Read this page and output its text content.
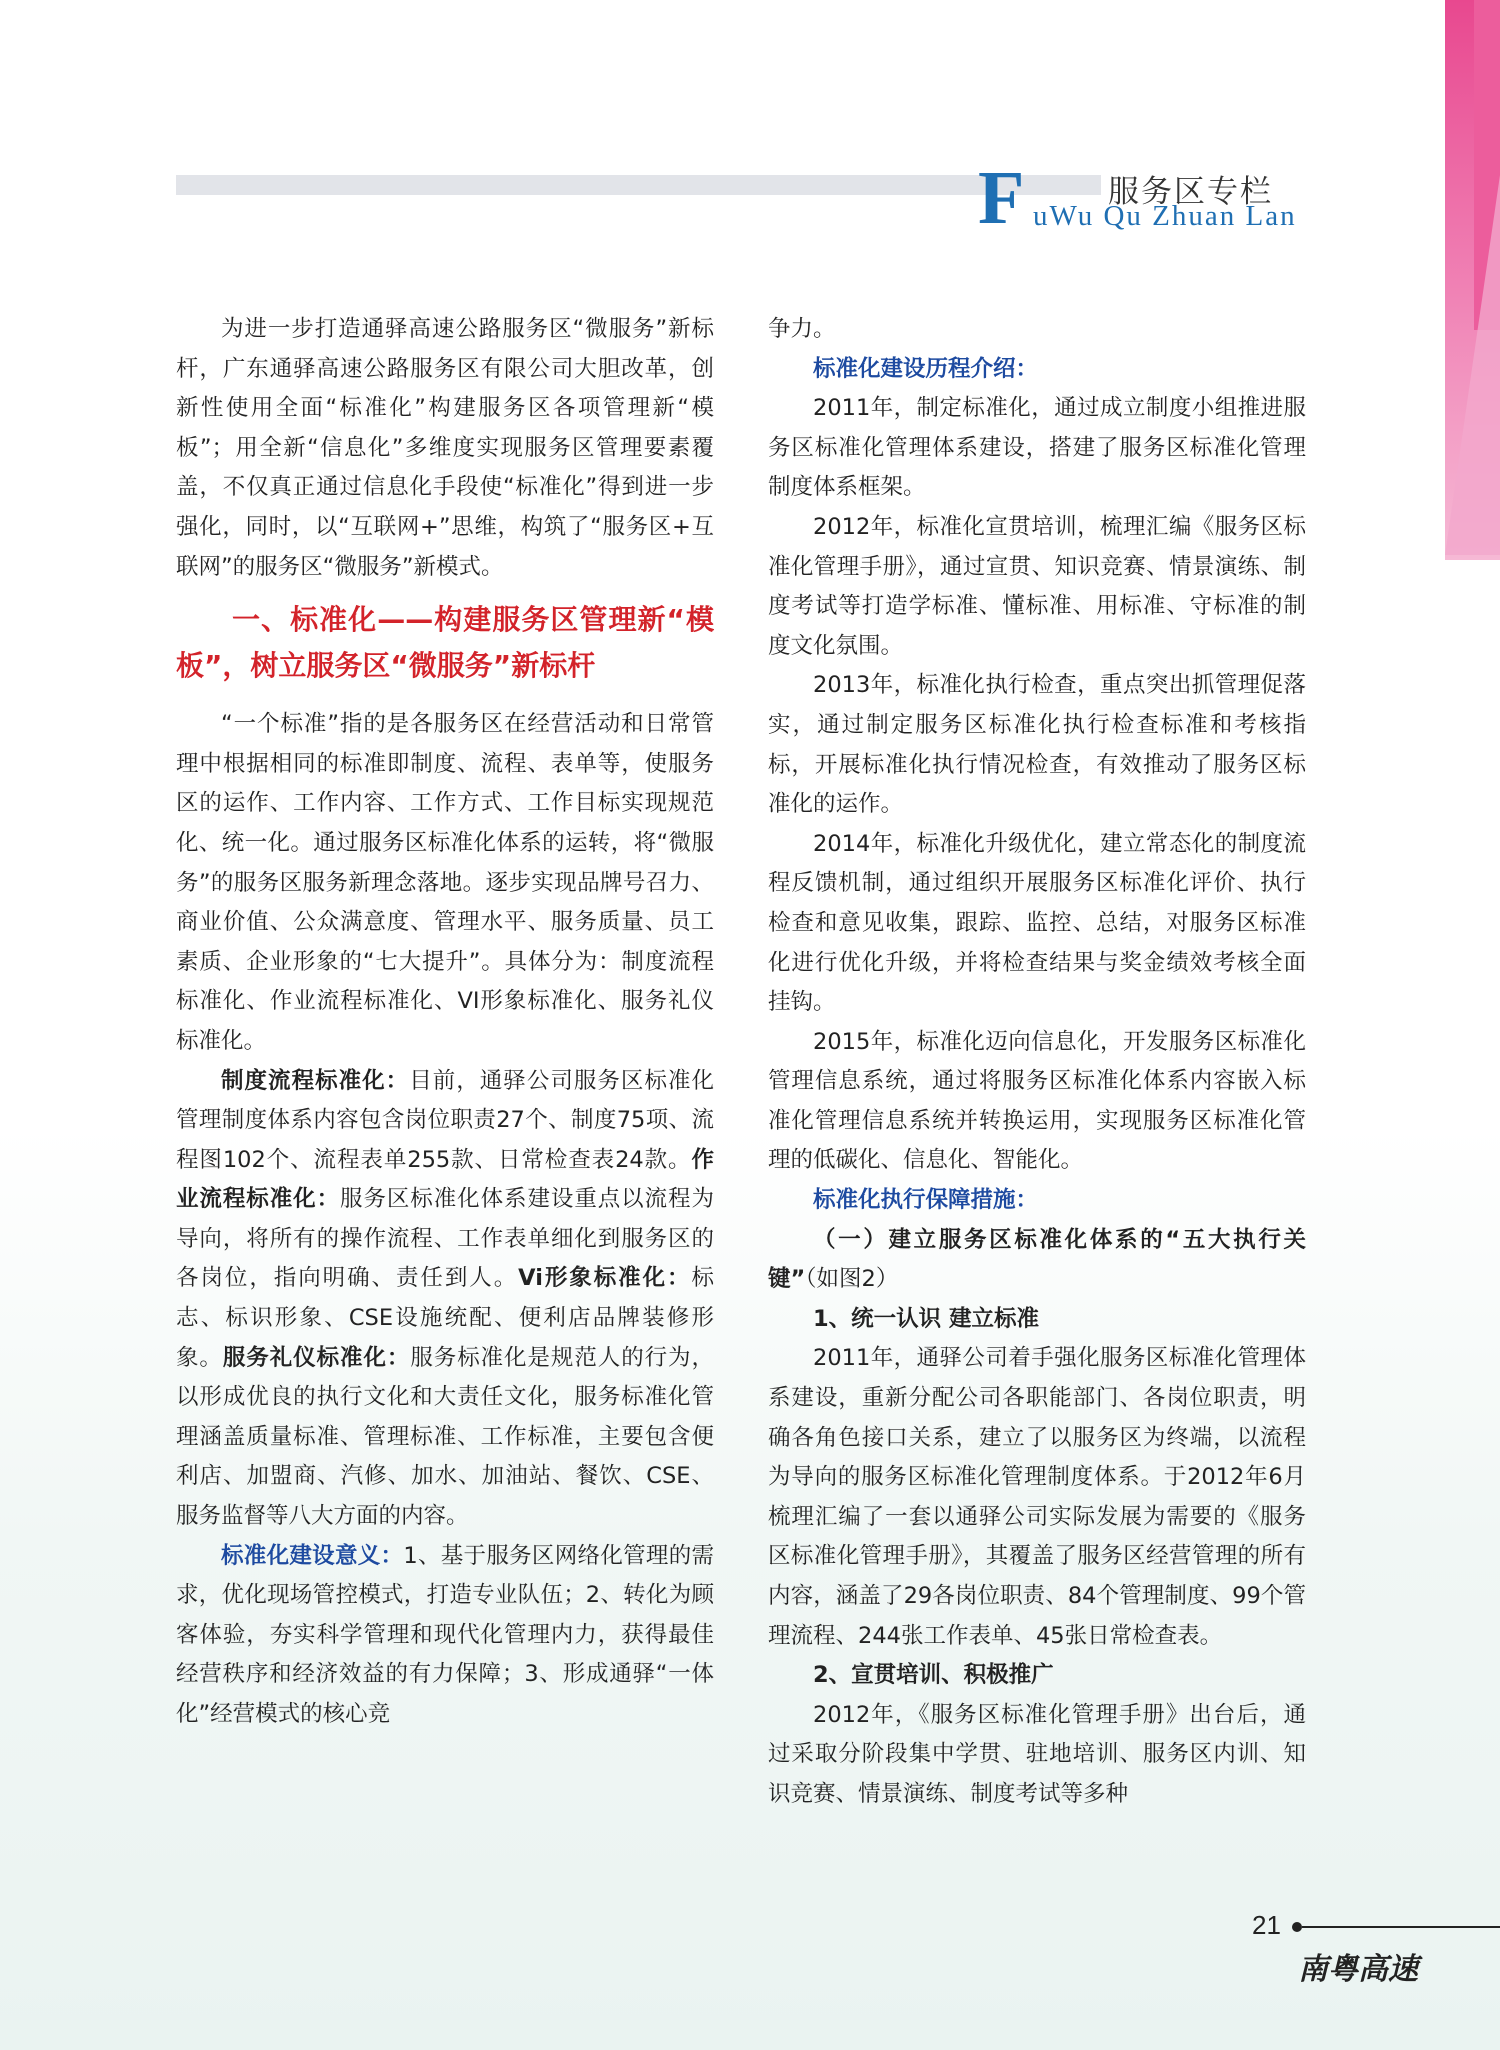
F	服务区专栏
uWu Qu Zhuan Lan

为进一步打造通驿高速公路服务区“微服务”新标杆，广东通驿高速公路服务区有限公司大胆改革，创新性使用全面“标准化”构建服务区各项管理新“模板”；用全新“信息化”多维度实现服务区管理要素覆盖，不仅真正通过信息化手段使“标准化”得到进一步强化，同时，以“互联网+”思维，构筑了“服务区+互联网”的服务区“微服务”新模式。

一、标准化——构建服务区管理新“模板”，树立服务区“微服务”新标杆

“一个标准”指的是各服务区在经营活动和日常管理中根据相同的标准即制度、流程、表单等，使服务区的运作、工作内容、工作方式、工作目标实现规范化、统一化。通过服务区标准化体系的运转，将“微服务”的服务区服务新理念落地。逐步实现品牌号召力、商业价值、公众满意度、管理水平、服务质量、员工素质、企业形象的“七大提升”。具体分为：制度流程标准化、作业流程标准化、VI形象标准化、服务礼仪标准化。

制度流程标准化：目前，通驿公司服务区标准化管理制度体系内容包含岗位职责27个、制度75项、流程图102个、流程表单255款、日常检查表24款。作业流程标准化：服务区标准化体系建设重点以流程为导向，将所有的操作流程、工作表单细化到服务区的各岗位，指向明确、责任到人。Vi形象标准化：标志、标识形象、CSE设施统配、便利店品牌装修形象。服务礼仪标准化：服务标准化是规范人的行为，以形成优良的执行文化和大责任文化，服务标准化管理涵盖质量标准、管理标准、工作标准，主要包含便利店、加盟商、汽修、加水、加油站、餐饮、CSE、服务监督等八大方面的内容。

标准化建设意义：1、基于服务区网络化管理的需求，优化现场管控模式，打造专业队伍；2、转化为顾客体验，夯实科学管理和现代化管理内力，获得最佳经营秩序和经济效益的有力保障；3、形成通驿“一体化”经营模式的核心竞

争力。

标准化建设历程介绍：

2011年，制定标准化，通过成立制度小组推进服务区标准化管理体系建设，搭建了服务区标准化管理制度体系框架。

2012年，标准化宣贯培训，梳理汇编《服务区标准化管理手册》，通过宣贯、知识竞赛、情景演练、制度考试等打造学标准、懂标准、用标准、守标准的制度文化氛围。

2013年，标准化执行检查，重点突出抓管理促落实，通过制定服务区标准化执行检查标准和考核指标，开展标准化执行情况检查，有效推动了服务区标准化的运作。

2014年，标准化升级优化，建立常态化的制度流程反馈机制，通过组织开展服务区标准化评价、执行检查和意见收集，跟踪、监控、总结，对服务区标准化进行优化升级，并将检查结果与奖金绩效考核全面挂钩。

2015年，标准化迈向信息化，开发服务区标准化管理信息系统，通过将服务区标准化体系内容嵌入标准化管理信息系统并转换运用，实现服务区标准化管理的低碳化、信息化、智能化。

标准化执行保障措施：

（一）建立服务区标准化体系的“五大执行关键”（如图2）

1、统一认识 建立标准

2011年，通驿公司着手强化服务区标准化管理体系建设，重新分配公司各职能部门、各岗位职责，明确各角色接口关系，建立了以服务区为终端，以流程为导向的服务区标准化管理制度体系。于2012年6月梳理汇编了一套以通驿公司实际发展为需要的《服务区标准化管理手册》，其覆盖了服务区经营管理的所有内容，涵盖了29各岗位职责、84个管理制度、99个管理流程、244张工作表单、45张日常检查表。

2、宣贯培训、积极推广

2012年，《服务区标准化管理手册》出台后，通过采取分阶段集中学贯、驻地培训、服务区内训、知识竞赛、情景演练、制度考试等多种

21
南粤高速
